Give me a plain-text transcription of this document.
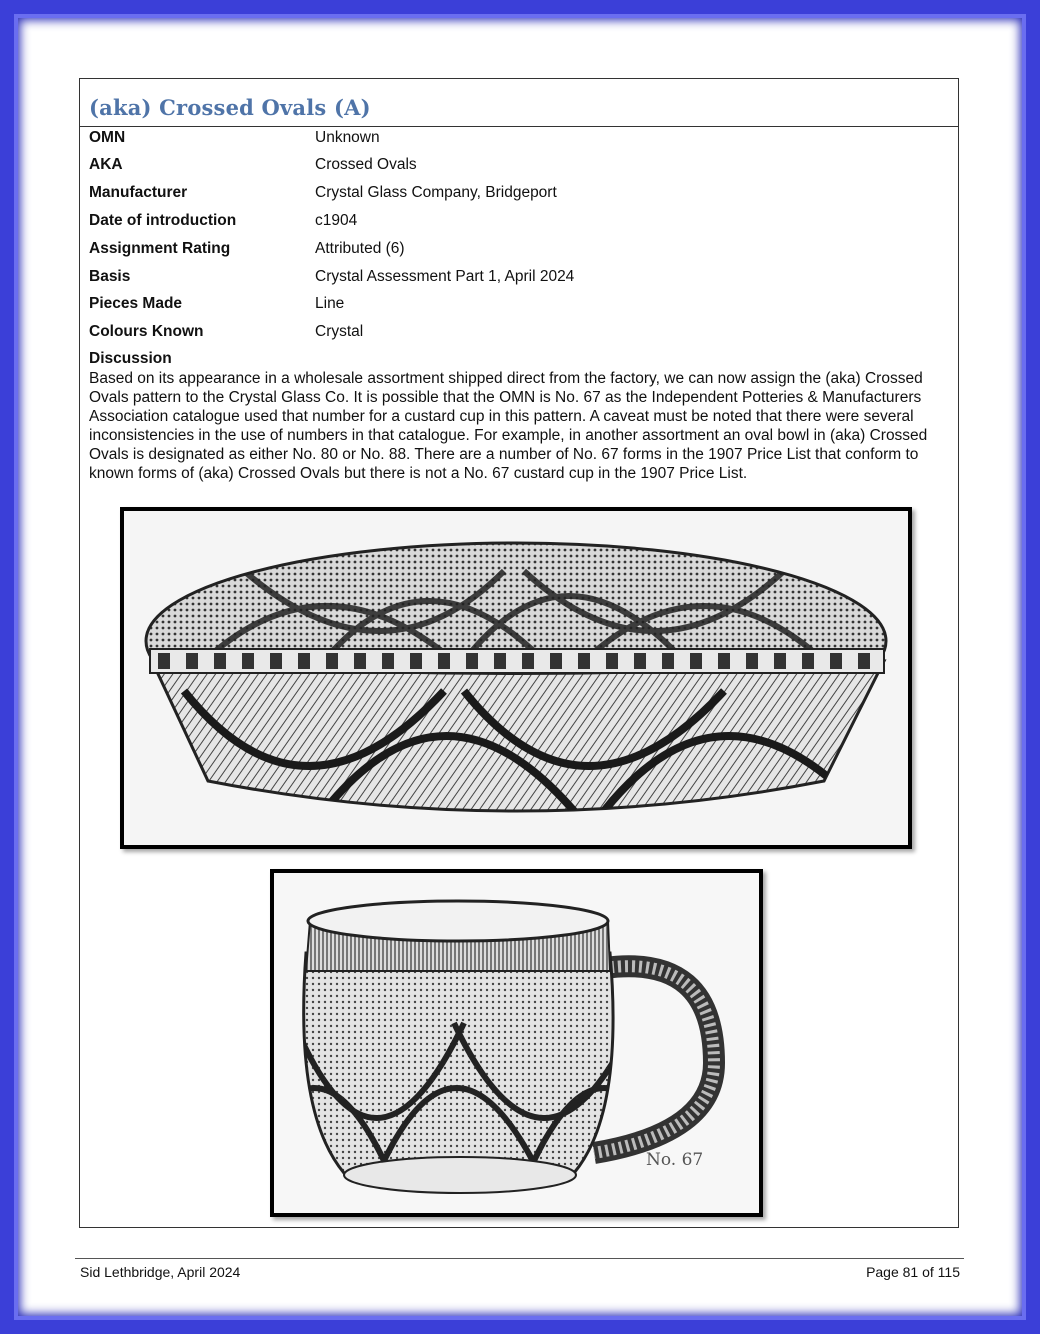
(aka) Crossed Ovals (A)
OMN	Unknown
AKA	Crossed Ovals
Manufacturer	Crystal Glass Company, Bridgeport
Date of introduction	c1904
Assignment Rating	Attributed (6)
Basis	Crystal Assessment Part 1, April 2024
Pieces Made	Line
Colours Known	Crystal
Discussion
Based on its appearance in a wholesale assortment shipped direct from the factory, we can now assign the (aka) Crossed Ovals pattern to the Crystal Glass Co. It is possible that the OMN is No. 67 as the Independent Potteries & Manufacturers Association catalogue used that number for a custard cup in this pattern. A caveat must be noted that there were several inconsistencies in the use of numbers in that catalogue. For example, in another assortment an oval bowl in (aka) Crossed Ovals is designated as either No. 80 or No. 88. There are a number of No. 67 forms in the 1907 Price List that conform to known forms of (aka) Crossed Ovals but there is not a No. 67 custard cup in the 1907 Price List.
No. 67
Sid Lethbridge, April 2024	Page 81 of 115
